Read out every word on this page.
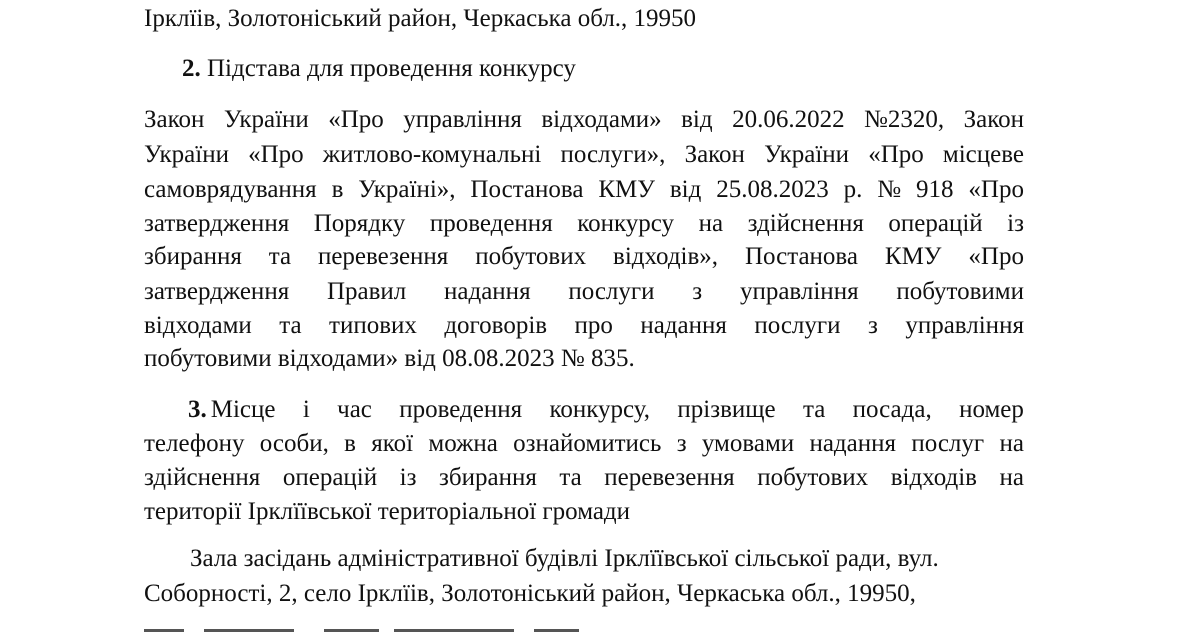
Ірклїів, Золотоніський район, Черкаська обл., 19950

2. Підстава для проведення конкурсу

Закон України «Про управління відходами» від 20.06.2022 №2320, Закон
України «Про житлово-комунальні послуги», Закон України «Про місцеве
самоврядування в Україні», Постанова КМУ від 25.08.2023 р. № 918 «Про
затвердження Порядку проведення конкурсу на здійснення операцій із
збирання та перевезення побутових відходів», Постанова КМУ «Про
затвердження Правил надання послуги з управління побутовими
відходами та типових договорів про надання послуги з управління

побутовими відходами» від 08.08.2023 № 835.

3. Місце і час проведення конкурсу, прізвище та посада, номер
телефону особи, в якої можна ознайомитись з умовами надання послуг на
здійснення операцій із збирання та перевезення побутових відходів на

території Ірклїївської територіальної громади

Зала засідань адміністративної будівлі Ірклїївської сільської ради, вул.

Соборності, 2, село Ірклїів, Золотоніський район, Черкаська обл., 19950,
